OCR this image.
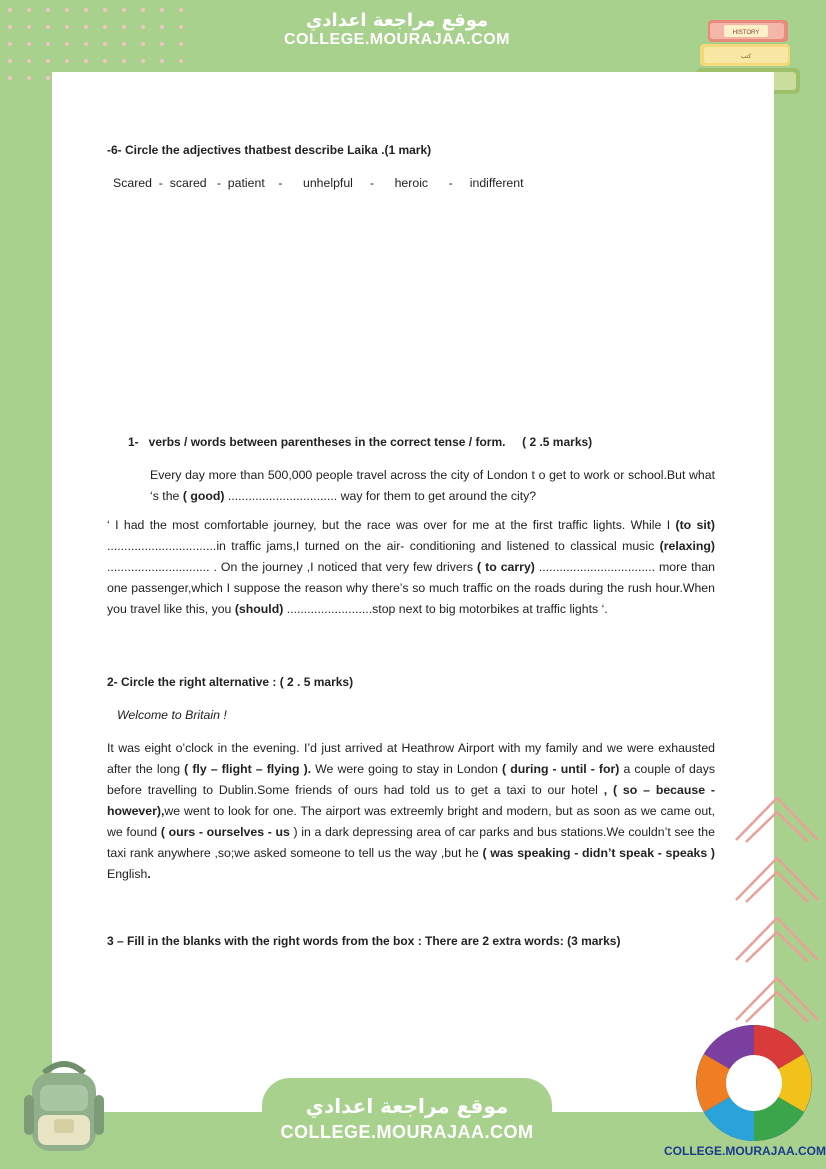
موقع مراجعة اعدادي
COLLEGE.MOURAJAA.COM	HISTORY
كتب

-6- Circle the adjectives thatbest describe Laika .(1 mark)

Scared  -  scared   -  patient    -      unhelpful     -      heroic      -     indifferent

1-   verbs / words between parentheses in the correct tense / form.     ( 2 .5 marks)

Every day more than 500,000 people travel across the city of London t o get to work or school.But what ‘s the ( good) ................................ way for them to get around the city?

‘ I had the most comfortable journey, but the race was over for me at the first traffic lights. While I (to sit) ................................in traffic jams,I turned on the air- conditioning and listened to classical music (relaxing) .............................. . On the journey ,I noticed that very few drivers ( to carry) .................................. more than one passenger,which I suppose the reason why there’s so much traffic on the roads during the rush hour.When you travel like this, you (should) .........................stop next to big motorbikes at traffic lights ‘.

2- Circle the right alternative : ( 2 . 5 marks)

Welcome to Britain !

It was eight o’clock in the evening. I’d just arrived at Heathrow Airport with my family and we were exhausted after the long ( fly – flight – flying ). We were going to stay in London ( during - until - for) a couple of days before travelling to Dublin.Some friends of ours had told us to get a taxi to our hotel , ( so – because - however),we went to look for one. The airport was extreemly bright and modern, but as soon as we came out, we found ( ours - ourselves - us ) in a dark depressing area of car parks and bus stations.We couldn’t see the taxi rank anywhere ,so;we asked someone to tell us the way ,but he ( was speaking - didn’t speak - speaks ) English.

3 – Fill in the blanks with the right words from the box : There are 2 extra words: (3 marks)

موقع مراجعة اعدادي
COLLEGE.MOURAJAA.COM
COLLEGE.MOURAJAA.COM
